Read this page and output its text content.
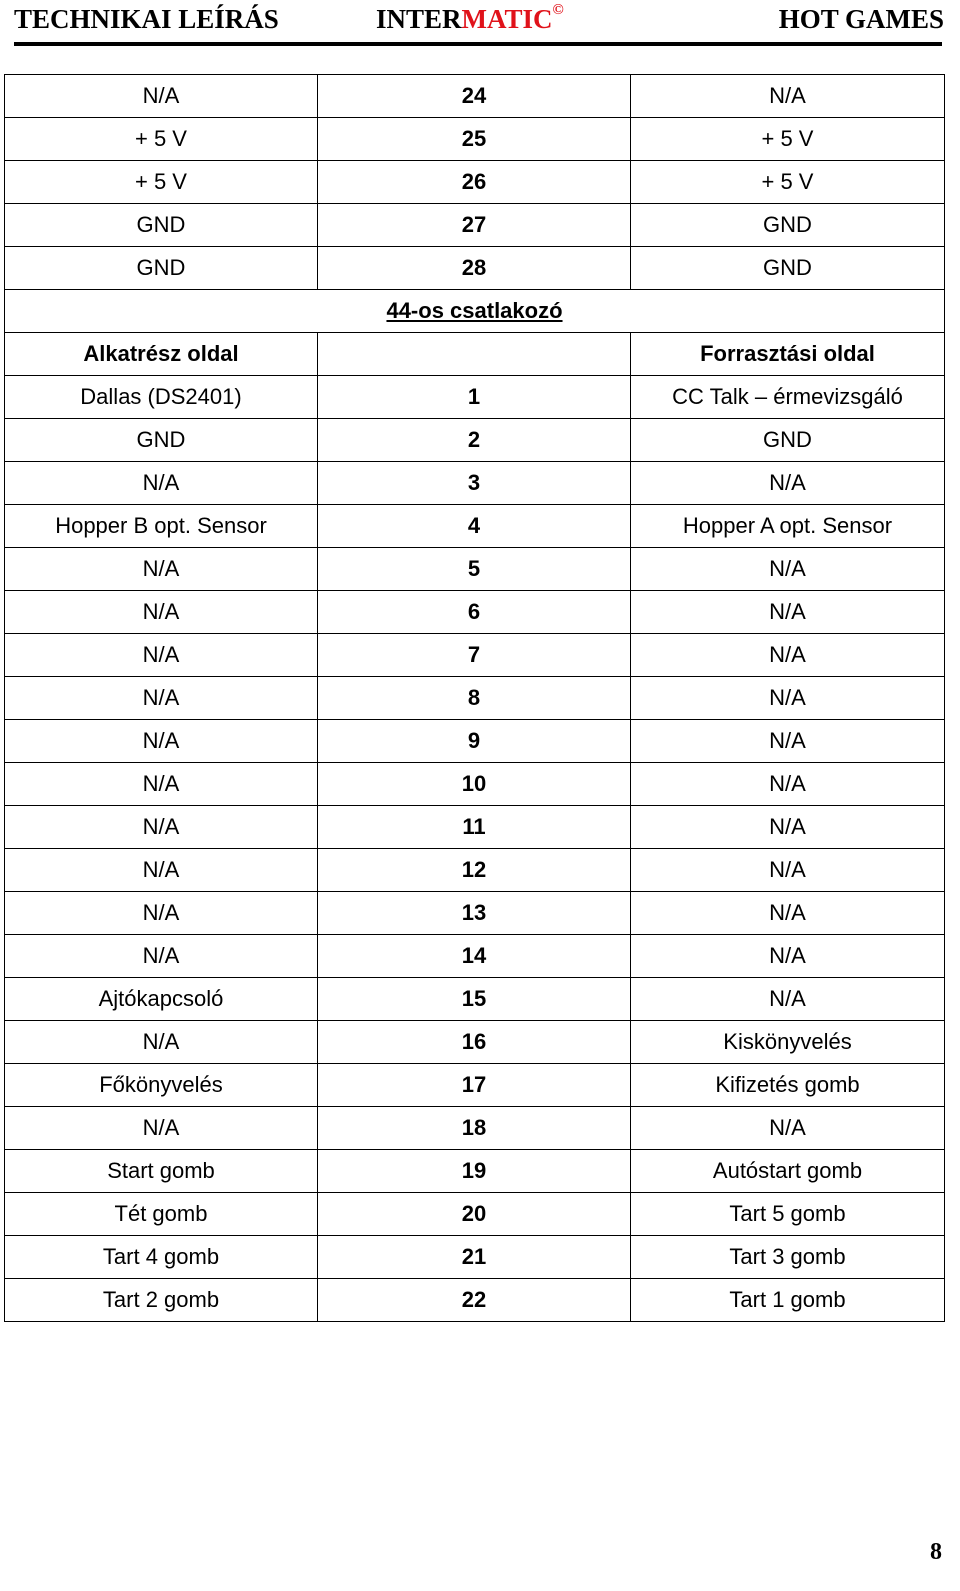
TECHNIKAI LEÍRÁS	INTERMATIC©	HOT GAMES
N/A	24	N/A
+ 5 V	25	+ 5 V
+ 5 V	26	+ 5 V
GND	27	GND
GND	28	GND
44-os csatlakozó		
Alkatrész oldal		Forrasztási oldal
Dallas (DS2401)	1	CC Talk – érmevizsgáló
GND	2	GND
N/A	3	N/A
Hopper B opt. Sensor	4	Hopper A opt. Sensor
N/A	5	N/A
N/A	6	N/A
N/A	7	N/A
N/A	8	N/A
N/A	9	N/A
N/A	10	N/A
N/A	11	N/A
N/A	12	N/A
N/A	13	N/A
N/A	14	N/A
Ajtókapcsoló	15	N/A
N/A	16	Kiskönyvelés
Főkönyvelés	17	Kifizetés gomb
N/A	18	N/A
Start gomb	19	Autóstart gomb
Tét gomb	20	Tart 5 gomb
Tart 4 gomb	21	Tart 3 gomb
Tart 2 gomb	22	Tart 1 gomb
8
